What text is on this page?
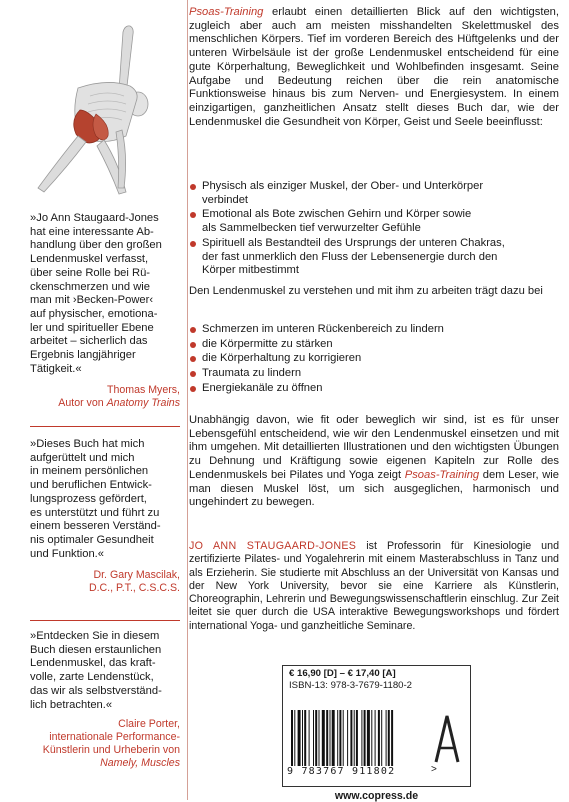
»Jo Ann Staugaard-Jones
hat eine interessante Ab-
handlung über den großen
Lendenmuskel verfasst,
über seine Rolle bei Rü-
ckenschmerzen und wie
man mit ›Becken-Power‹
auf physischer, emotiona-
ler und spiritueller Ebene
arbeitet – sicherlich das
Ergebnis langjähriger
Tätigkeit.«
Thomas Myers,
Autor von Anatomy Trains
»Dieses Buch hat mich
aufgerüttelt und mich
in meinem persönlichen
und beruflichen Entwick-
lungsprozess gefördert,
es unterstützt und führt zu
einem besseren Verständ-
nis optimaler Gesundheit
und Funktion.«
Dr. Gary Mascilak,
D.C., P.T., C.S.C.S.
»Entdecken Sie in diesem
Buch diesen erstaunlichen
Lendenmuskel, das kraft-
volle, zarte Lendenstück,
das wir als selbstverständ-
lich betrachten.«
Claire Porter,
internationale Performance-
Künstlerin und Urheberin von
Namely, Muscles
Psoas-Training erlaubt einen detaillierten Blick auf den wichtigsten, zugleich aber auch am meisten misshandelten Skelettmuskel des menschlichen Körpers. Tief im vorderen Bereich des Hüftgelenks und der unteren Wirbelsäule ist der große Lendenmuskel entscheidend für eine gute Körperhaltung, Beweglichkeit und Wohlbefinden insgesamt. Seine Aufgabe und Bedeutung reichen über die rein anatomische Funktionsweise hinaus bis zum Nerven- und Energiesystem. In einem einzigartigen, ganzheitlichen Ansatz stellt dieses Buch dar, wie der Lendenmuskel die Gesundheit von Körper, Geist und Seele beeinflusst:
Physisch als einziger Muskel, der Ober- und Unterkörper
verbindet
Emotional als Bote zwischen Gehirn und Körper sowie
als Sammelbecken tief verwurzelter Gefühle
Spirituell als Bestandteil des Ursprungs der unteren Chakras,
der fast unmerklich den Fluss der Lebensenergie durch den
Körper mitbestimmt
Den Lendenmuskel zu verstehen und mit ihm zu arbeiten trägt dazu bei
Schmerzen im unteren Rückenbereich zu lindern
die Körpermitte zu stärken
die Körperhaltung zu korrigieren
Traumata zu lindern
Energiekanäle zu öffnen
Unabhängig davon, wie fit oder beweglich wir sind, ist es für unser Lebensgefühl entscheidend, wie wir den Lendenmuskel einsetzen und mit ihm umgehen. Mit detaillierten Illustrationen und den wichtigsten Übungen zu Dehnung und Kräftigung sowie eigenen Kapiteln zur Rolle des Lendenmuskels bei Pilates und Yoga zeigt Psoas-Training dem Leser, wie man diesen Muskel löst, um sich ausgeglichen, harmonisch und ungehindert zu bewegen.
JO ANN STAUGAARD-JONES ist Professorin für Kinesiologie und zertifizierte Pilates- und Yogalehrerin mit einem Masterabschluss in Tanz und als Erzieherin. Sie studierte mit Abschluss an der Universität von Kansas und der New York University, bevor sie eine Karriere als Künstlerin, Choreographin, Lehrerin und Bewegungswissenschaftlerin einschlug. Zur Zeit leitet sie quer durch die USA interaktive Bewegungsworkshops und fördert international Yoga- und ganzheitliche Seminare.
€ 16,90 [D] – € 17,40 [A]
ISBN-13: 978-3-7679-1180-2
9 783767 911802	>
www.copress.de
